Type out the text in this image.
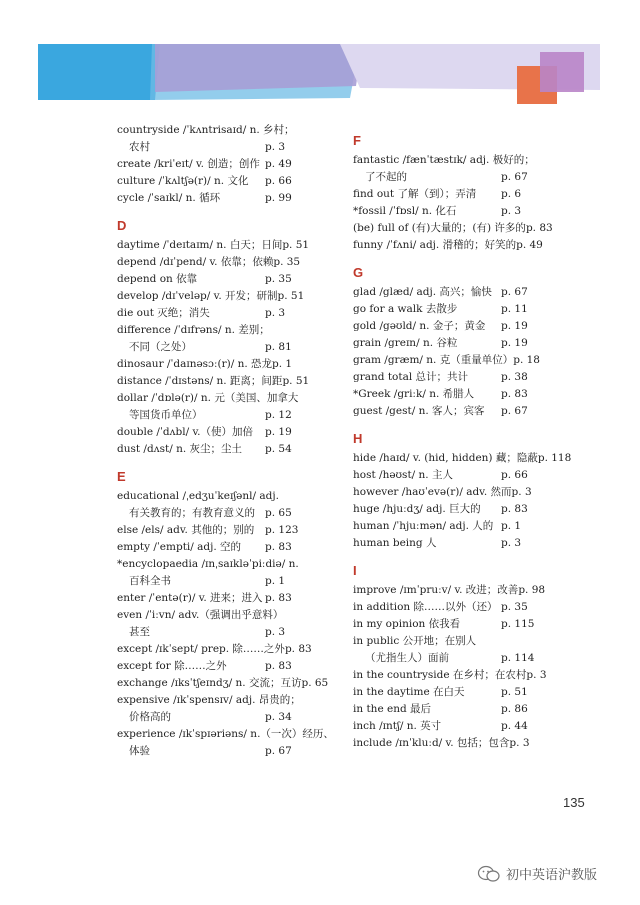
countryside /ˈkʌntrisaɪd/ n. 乡村；
农村	p. 3
create /kriˈeɪt/ v. 创造；创作 p. 49
culture /ˈkʌltʃə(r)/ n. 文化 p. 66
cycle /ˈsaɪkl/ n. 循环	p. 99
D
daytime /ˈdeɪtaɪm/ n. 白天；日间 p. 51
depend /dɪˈpend/ v. 依靠；依赖 p. 35
depend on 依靠	p. 35
develop /dɪˈveləp/ v. 开发；研制 p. 51
die out 灭绝；消失	p. 3
difference /ˈdɪfrəns/ n. 差别；
不同（之处）	p. 81
dinosaur /ˈdaɪnəsɔː(r)/ n. 恐龙 p. 1
distance /ˈdɪstəns/ n. 距离；间距 p. 51
dollar /ˈdɒlə(r)/ n. 元（美国、加拿大
等国货币单位）	p. 12
double /ˈdʌbl/ v.（使）加倍 p. 19
dust /dʌst/ n. 灰尘；尘土 p. 54
E
educational /ˌedʒuˈkeɪʃənl/ adj.
有关教育的；有教育意义的 p. 65
else /els/ adv. 其他的；别的 p. 123
empty /ˈempti/ adj. 空的 p. 83
*encyclopaedia /ɪnˌsaɪkləˈpiːdiə/ n.
百科全书	p. 1
enter /ˈentə(r)/ v. 进来；进入 p. 83
even /ˈiːvn/ adv.（强调出乎意料）
甚至	p. 3
except /ɪkˈsept/ prep. 除……之外 p. 83
except for 除……之外	p. 83
exchange /ɪksˈtʃeɪndʒ/ n. 交流；互访 p. 65
expensive /ɪkˈspensɪv/ adj. 昂贵的；
价格高的	p. 34
experience /ɪkˈspɪəriəns/ n.（一次）经历、
体验	p. 67
F
fantastic /fænˈtæstɪk/ adj. 极好的；
了不起的	p. 67
find out 了解（到）；弄清 p. 6
*fossil /ˈfɒsl/ n. 化石	p. 3
(be) full of (有)大量的；(有) 许多的 p. 83
funny /ˈfʌni/ adj. 滑稽的；好笑的 p. 49
G
glad /glæd/ adj. 高兴；愉快 p. 67
go for a walk 去散步	p. 11
gold /gəʊld/ n. 金子；黄金 p. 19
grain /greɪn/ n. 谷粒	p. 19
gram /græm/ n. 克（重量单位） p. 18
grand total 总计；共计	p. 38
*Greek /griːk/ n. 希腊人	p. 83
guest /gest/ n. 客人；宾客 p. 67
H
hide /haɪd/ v. (hid, hidden) 藏；隐蔽 p. 118
host /həʊst/ n. 主人	p. 66
however /haʊˈevə(r)/ adv. 然而 p. 3
huge /hjuːdʒ/ adj. 巨大的 p. 83
human /ˈhjuːmən/ adj. 人的 p. 1
human being 人	p. 3
I
improve /ɪmˈpruːv/ v. 改进；改善 p. 98
in addition 除……以外（还） p. 35
in my opinion 依我看	p. 115
in public 公开地；在别人
（尤指生人）面前	p. 114
in the countryside 在乡村；在农村 p. 3
in the daytime 在白天	p. 51
in the end 最后	p. 86
inch /ɪntʃ/ n. 英寸	p. 44
include /ɪnˈkluːd/ v. 包括；包含 p. 3
135
初中英语沪教版
